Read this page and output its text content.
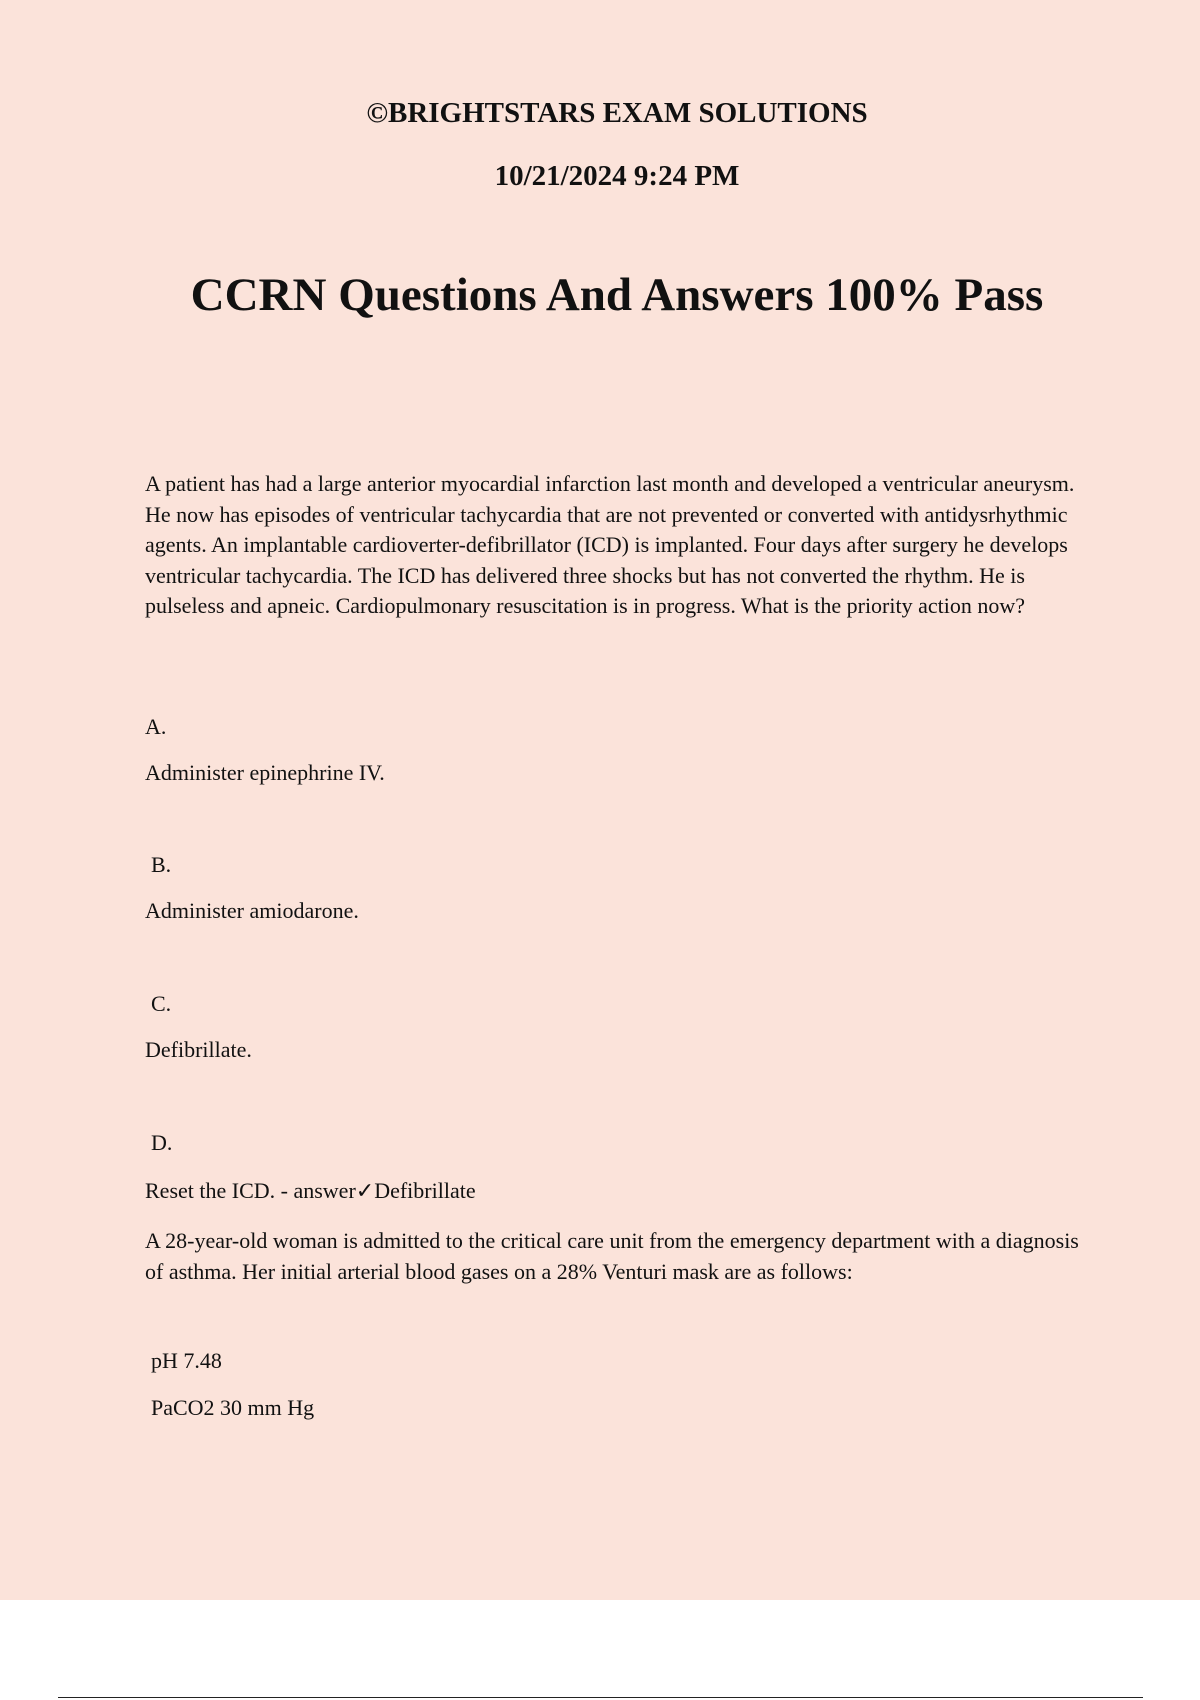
©BRIGHTSTARS EXAM SOLUTIONS
10/21/2024 9:24 PM
CCRN Questions And Answers 100% Pass
A patient has had a large anterior myocardial infarction last month and developed a ventricular aneurysm. He now has episodes of ventricular tachycardia that are not prevented or converted with antidysrhythmic agents. An implantable cardioverter-defibrillator (ICD) is implanted. Four days after surgery he develops ventricular tachycardia. The ICD has delivered three shocks but has not converted the rhythm. He is pulseless and apneic. Cardiopulmonary resuscitation is in progress. What is the priority action now?
A.
Administer epinephrine IV.
B.
Administer amiodarone.
C.
Defibrillate.
D.
Reset the ICD. - answer✓Defibrillate
A 28-year-old woman is admitted to the critical care unit from the emergency department with a diagnosis of asthma. Her initial arterial blood gases on a 28% Venturi mask are as follows:
pH 7.48
PaCO2 30 mm Hg
